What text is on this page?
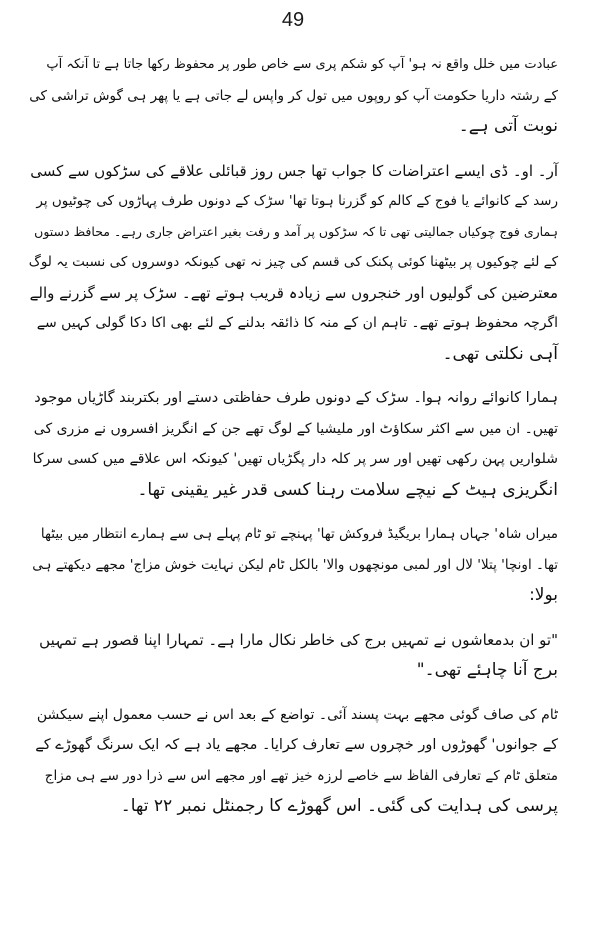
49
عبادت میں خلل واقع نہ ہو' آپ کو شکم پری سے خاص طور پر محفوظ رکھا جاتا ہے تا آنکہ آپ
کے رشتہ داریا حکومت آپ کو روپوں میں تول کر واپس لے جاتی ہے یا پھر ہی گوش تراشی کی
نوبت آتی ہے۔
آر۔ او۔ ڈی ایسے اعتراضات کا جواب تھا جس روز قبائلی علاقے کی سڑکوں سے کسی
رسد کے کانوائے یا فوج کے کالم کو گزرنا ہوتا تھا' سڑک کے دونوں طرف پہاڑوں کی چوٹیوں پر
ہماری فوج چوکیاں جمالیتی تھی تا کہ سڑکوں پر آمد و رفت بغیر اعتراض جاری رہے۔ محافظ دستوں
کے لئے چوکیوں پر بیٹھنا کوئی پکنک کی قسم کی چیز نہ تھی کیونکہ دوسروں کی نسبت یہ لوگ
معترضین کی گولیوں اور خنجروں سے زیادہ قریب ہوتے تھے۔ سڑک پر سے گزرنے والے
اگرچہ محفوظ ہوتے تھے۔ تاہم ان کے منہ کا ذائقہ بدلنے کے لئے بھی اکا دکا گولی کہیں سے
آہی نکلتی تھی۔
ہمارا کانوائے روانہ ہوا۔ سڑک کے دونوں طرف حفاظتی دستے اور بکتربند گاڑیاں موجود
تھیں۔ ان میں سے اکثر سکاؤٹ اور ملیشیا کے لوگ تھے جن کے انگریز افسروں نے مزری کی
شلواریں پہن رکھی تھیں اور سر پر کلہ دار پگڑیاں تھیں' کیونکہ اس علاقے میں کسی سرکا
انگریزی ہیٹ کے نیچے سلامت رہنا کسی قدر غیر یقینی تھا۔
میراں شاہ' جہاں ہمارا بریگیڈ فروکش تھا' پہنچے تو ٹام پہلے ہی سے ہمارے انتظار میں بیٹھا
تھا۔ اونچا' پتلا' لال اور لمبی مونچھوں والا' بالکل ٹام لیکن نہایت خوش مزاج' مجھے دیکھتے ہی
بولا:
"تو ان بدمعاشوں نے تمہیں برج کی خاطر نکال مارا ہے۔ تمہارا اپنا قصور ہے تمہیں
برج آنا چاہئے تھی۔"
ٹام کی صاف گوئی مجھے بہت پسند آئی۔ تواضع کے بعد اس نے حسب معمول اپنے سیکشن
کے جوانوں' گھوڑوں اور خچروں سے تعارف کرایا۔ مجھے یاد ہے کہ ایک سرنگ گھوڑے کے
متعلق ٹام کے تعارفی الفاظ سے خاصے لرزہ خیز تھے اور مجھے اس سے ذرا دور سے ہی مزاج
پرسی کی ہدایت کی گئی۔ اس گھوڑے کا رجمنٹل نمبر ۲۲ تھا۔
